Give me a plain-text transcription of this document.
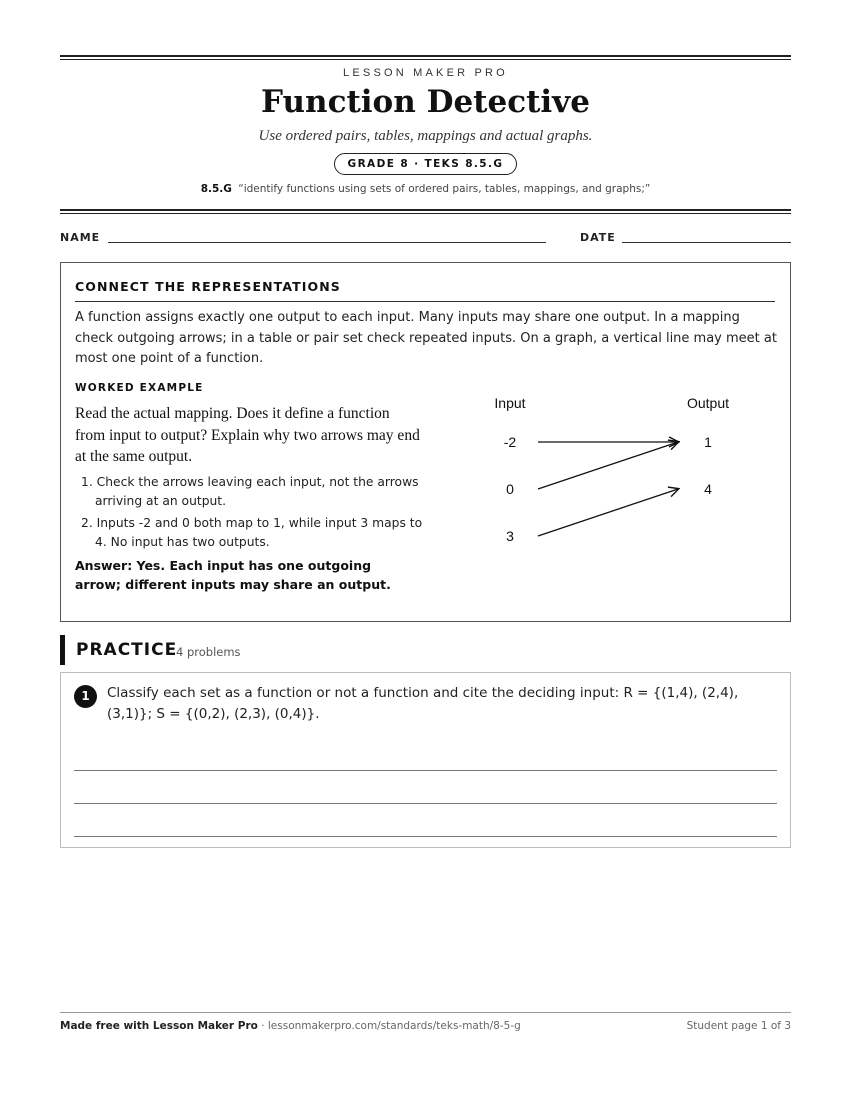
LESSON MAKER PRO
Function Detective
Use ordered pairs, tables, mappings and actual graphs.
GRADE 8 · TEKS 8.5.G
8.5.G “identify functions using sets of ordered pairs, tables, mappings, and graphs;”
NAME	DATE
CONNECT THE REPRESENTATIONS
A function assigns exactly one output to each input. Many inputs may share one output. In a mapping check outgoing arrows; in a table or pair set check repeated inputs. On a graph, a vertical line may meet at most one point of a function.
WORKED EXAMPLE
Read the actual mapping. Does it define a function from input to output? Explain why two arrows may end at the same output.
1. Check the arrows leaving each input, not the arrows arriving at an output.
2. Inputs -2 and 0 both map to 1, while input 3 maps to 4. No input has two outputs.
Answer: Yes. Each input has one outgoing arrow; different inputs may share an output.
Input	Output
-2
0
3
1
4
PRACTICE
4 problems
1	Classify each set as a function or not a function and cite the deciding input: R = {(1,4), (2,4), (3,1)}; S = {(0,2), (2,3), (0,4)}.
Made free with Lesson Maker Pro · lessonmakerpro.com/standards/teks-math/8-5-g	Student page 1 of 3
